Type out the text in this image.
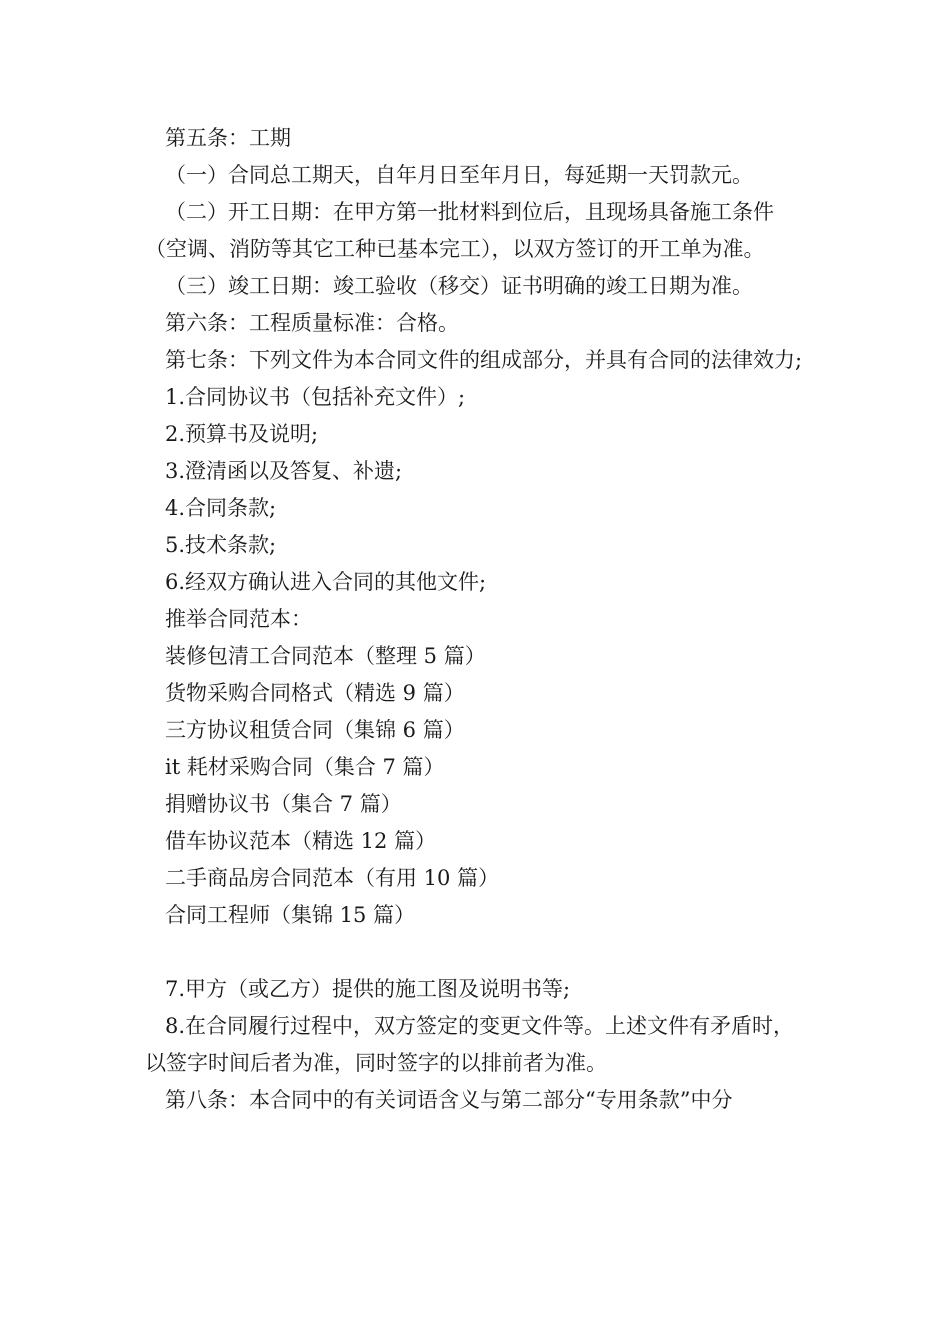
第五条：工期

（一）合同总工期天，自年月日至年月日，每延期一天罚款元。

（二）开工日期：在甲方第一批材料到位后，且现场具备施工条件（空调、消防等其它工种已基本完工），以双方签订的开工单为准。

（三）竣工日期：竣工验收（移交）证书明确的竣工日期为准。

第六条：工程质量标准：合格。

第七条：下列文件为本合同文件的组成部分，并具有合同的法律效力;

1.合同协议书（包括补充文件）;

2.预算书及说明;

3.澄清函以及答复、补遗;

4.合同条款;

5.技术条款;

6.经双方确认进入合同的其他文件;

推举合同范本：

装修包清工合同范本（整理 5 篇）

货物采购合同格式（精选 9 篇）

三方协议租赁合同（集锦 6 篇）

it 耗材采购合同（集合 7 篇）

捐赠协议书（集合 7 篇）

借车协议范本（精选 12 篇）

二手商品房合同范本（有用 10 篇）

合同工程师（集锦 15 篇）

7.甲方（或乙方）提供的施工图及说明书等;

8.在合同履行过程中，双方签定的变更文件等。上述文件有矛盾时，以签字时间后者为准，同时签字的以排前者为准。

第八条：本合同中的有关词语含义与第二部分“专用条款”中分
